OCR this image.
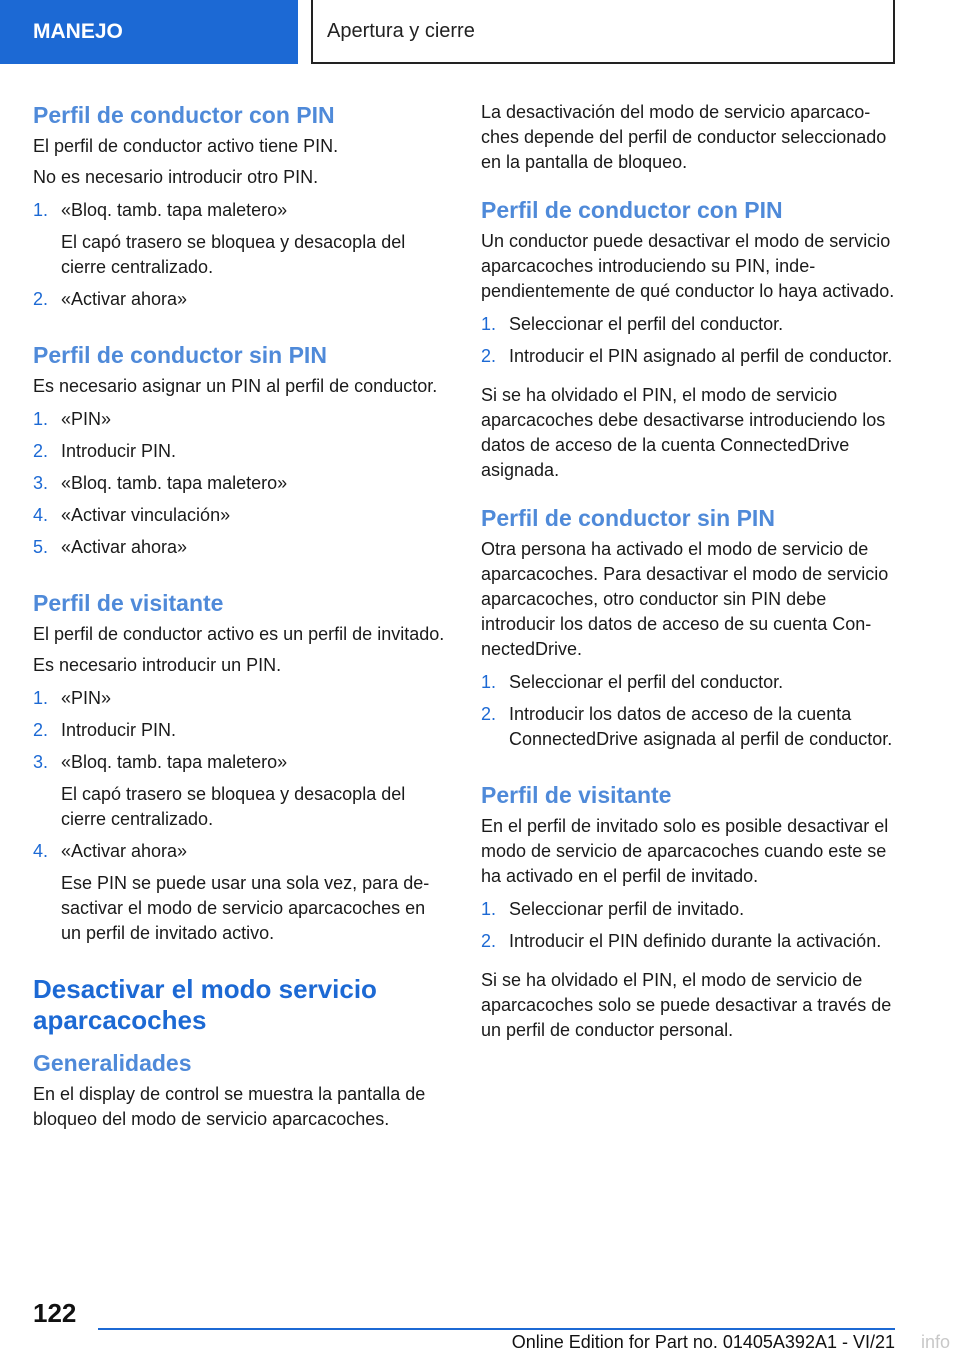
MANEJO	Apertura y cierre
Perfil de conductor con PIN

El perfil de conductor activo tiene PIN.

No es necesario introducir otro PIN.

1. «Bloq. tamb. tapa maletero»
El capó trasero se bloquea y desacopla del cierre centralizado.
2. «Activar ahora»
Perfil de conductor sin PIN

Es necesario asignar un PIN al perfil de conductor.

1. «PIN»
2. Introducir PIN.
3. «Bloq. tamb. tapa maletero»
4. «Activar vinculación»
5. «Activar ahora»
Perfil de visitante

El perfil de conductor activo es un perfil de invitado.

Es necesario introducir un PIN.

1. «PIN»
2. Introducir PIN.
3. «Bloq. tamb. tapa maletero»
El capó trasero se bloquea y desacopla del cierre centralizado.
4. «Activar ahora»
Ese PIN se puede usar una sola vez, para desactivar el modo de servicio aparcacoches en un perfil de invitado activo.
Desactivar el modo servicio aparcacoches
Generalidades

En el display de control se muestra la pantalla de bloqueo del modo de servicio aparcacoches.

La desactivación del modo de servicio aparcacoches depende del perfil de conductor seleccionado en la pantalla de bloqueo.

Perfil de conductor con PIN

Un conductor puede desactivar el modo de servicio aparcacoches introduciendo su PIN, independientemente de qué conductor lo haya activado.

1. Seleccionar el perfil del conductor.
2. Introducir el PIN asignado al perfil de conductor.

Si se ha olvidado el PIN, el modo de servicio aparcacoches debe desactivarse introduciendo los datos de acceso de la cuenta ConnectedDrive asignada.

Perfil de conductor sin PIN

Otra persona ha activado el modo de servicio de aparcacoches. Para desactivar el modo de servicio aparcacoches, otro conductor sin PIN debe introducir los datos de acceso de su cuenta ConnectedDrive.

1. Seleccionar el perfil del conductor.
2. Introducir los datos de acceso de la cuenta ConnectedDrive asignada al perfil de conductor.
Perfil de visitante

En el perfil de invitado solo es posible desactivar el modo de servicio de aparcacoches cuando este se ha activado en el perfil de invitado.

1. Seleccionar perfil de invitado.
2. Introducir el PIN definido durante la activación.

Si se ha olvidado el PIN, el modo de servicio de aparcacoches solo se puede desactivar a través de un perfil de conductor personal.

122
Online Edition for Part no. 01405A392A1 - VI/21 info
